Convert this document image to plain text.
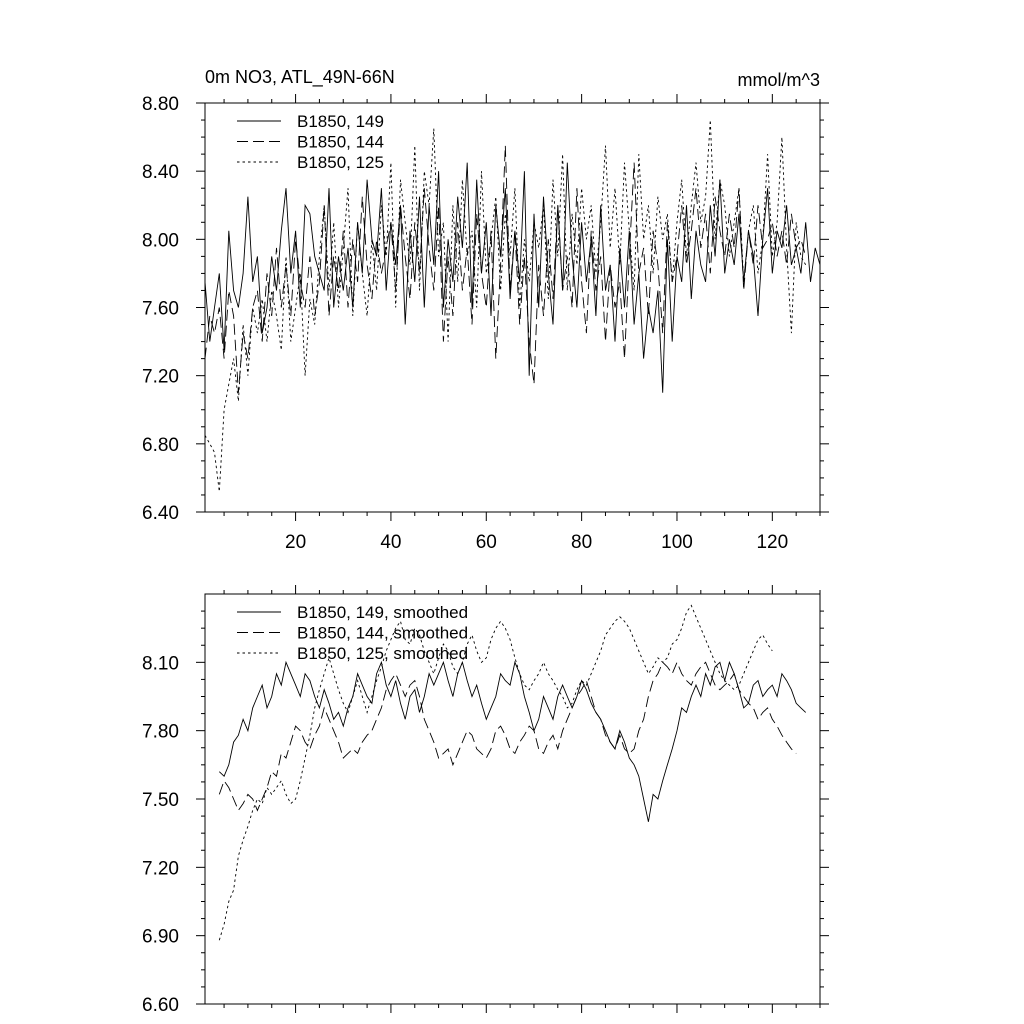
0m NO3, ATL_49N-66N	mmol/m^3
20	40	60	80	100	120
6.40
6.80
7.20
7.60
8.00
8.40
8.80
B1850, 149
B1850, 144
B1850, 125
6.60
6.90
7.20
7.50
7.80
8.10
B1850, 149, smoothed
B1850, 144, smoothed
B1850, 125, smoothed
